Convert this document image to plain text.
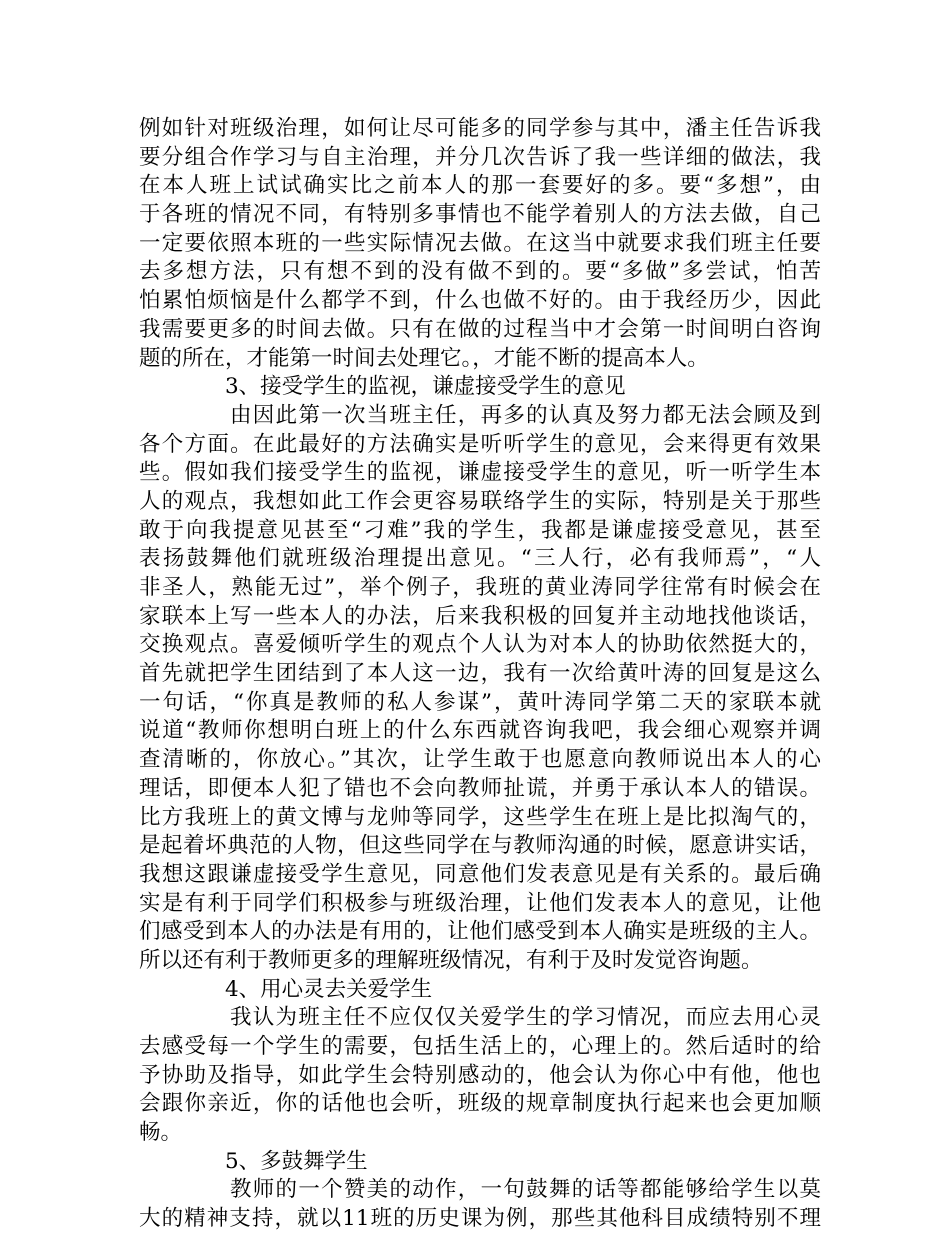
例如针对班级治理，如何让尽可能多的同学参与其中，潘主任告诉我
要分组合作学习与自主治理，并分几次告诉了我一些详细的做法，我
在本人班上试试确实比之前本人的那一套要好的多。要“多想”，由
于各班的情况不同，有特别多事情也不能学着别人的方法去做，自己
一定要依照本班的一些实际情况去做。在这当中就要求我们班主任要
去多想方法，只有想不到的没有做不到的。要“多做”多尝试，怕苦
怕累怕烦恼是什么都学不到，什么也做不好的。由于我经历少，因此
我需要更多的时间去做。只有在做的过程当中才会第一时间明白咨询
题的所在，才能第一时间去处理它。，才能不断的提高本人。
3、接受学生的监视，谦虚接受学生的意见
由因此第一次当班主任，再多的认真及努力都无法会顾及到
各个方面。在此最好的方法确实是听听学生的意见，会来得更有效果
些。假如我们接受学生的监视，谦虚接受学生的意见，听一听学生本
人的观点，我想如此工作会更容易联络学生的实际，特别是关于那些
敢于向我提意见甚至“刁难”我的学生，我都是谦虚接受意见，甚至
表扬鼓舞他们就班级治理提出意见。“三人行，必有我师焉”，“人
非圣人，熟能无过”，举个例子，我班的黄业涛同学往常有时候会在
家联本上写一些本人的办法，后来我积极的回复并主动地找他谈话，
交换观点。喜爱倾听学生的观点个人认为对本人的协助依然挺大的，
首先就把学生团结到了本人这一边，我有一次给黄叶涛的回复是这么
一句话，“你真是教师的私人参谋”，黄叶涛同学第二天的家联本就
说道“教师你想明白班上的什么东西就咨询我吧，我会细心观察并调
查清晰的，你放心。”其次，让学生敢于也愿意向教师说出本人的心
理话，即便本人犯了错也不会向教师扯谎，并勇于承认本人的错误。
比方我班上的黄文博与龙帅等同学，这些学生在班上是比拟淘气的，
是起着坏典范的人物，但这些同学在与教师沟通的时候，愿意讲实话，
我想这跟谦虚接受学生意见，同意他们发表意见是有关系的。最后确
实是有利于同学们积极参与班级治理，让他们发表本人的意见，让他
们感受到本人的办法是有用的，让他们感受到本人确实是班级的主人。
所以还有利于教师更多的理解班级情况，有利于及时发觉咨询题。
4、用心灵去关爱学生
我认为班主任不应仅仅关爱学生的学习情况，而应去用心灵
去感受每一个学生的需要，包括生活上的，心理上的。然后适时的给
予协助及指导，如此学生会特别感动的，他会认为你心中有他，他也
会跟你亲近，你的话他也会听，班级的规章制度执行起来也会更加顺
畅。
5、多鼓舞学生
教师的一个赞美的动作，一句鼓舞的话等都能够给学生以莫
大的精神支持，就以11班的历史课为例，那些其他科目成绩特别不理
